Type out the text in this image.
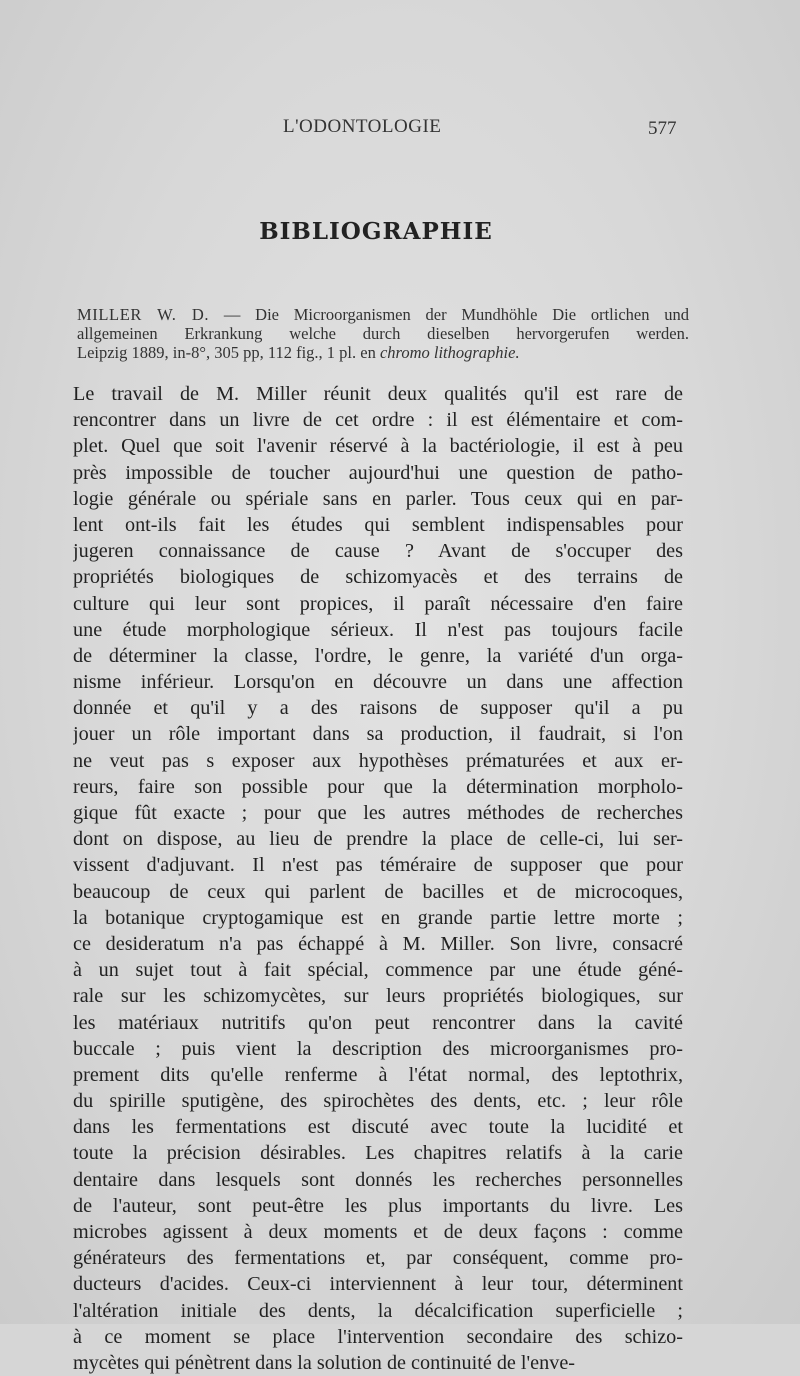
L'ODONTOLOGIE	577
BIBLIOGRAPHIE
MILLER W. D. — Die Microorganismen der Mundhöhle Die ortlichen und
allgemeinen Erkrankung welche durch dieselben hervorgerufen werden.
Leipzig 1889, in-8°, 305 pp, 112 fig., 1 pl. en chromo lithographie.
Le travail de M. Miller réunit deux qualités qu'il est rare de
rencontrer dans un livre de cet ordre : il est élémentaire et com-
plet. Quel que soit l'avenir réservé à la bactériologie, il est à peu
près impossible de toucher aujourd'hui une question de patho-
logie générale ou spériale sans en parler. Tous ceux qui en par-
lent ont-ils fait les études qui semblent indispensables pour
jugeren connaissance de cause ? Avant de s'occuper des
propriétés biologiques de schizomyacès et des terrains de
culture qui leur sont propices, il paraît nécessaire d'en faire
une étude morphologique sérieux. Il n'est pas toujours facile
de déterminer la classe, l'ordre, le genre, la variété d'un orga-
nisme inférieur. Lorsqu'on en découvre un dans une affection
donnée et qu'il y a des raisons de supposer qu'il a pu
jouer un rôle important dans sa production, il faudrait, si l'on
ne veut pas s exposer aux hypothèses prématurées et aux er-
reurs, faire son possible pour que la détermination morpholo-
gique fût exacte ; pour que les autres méthodes de recherches
dont on dispose, au lieu de prendre la place de celle-ci, lui ser-
vissent d'adjuvant. Il n'est pas téméraire de supposer que pour
beaucoup de ceux qui parlent de bacilles et de microcoques,
la botanique cryptogamique est en grande partie lettre morte ;
ce desideratum n'a pas échappé à M. Miller. Son livre, consacré
à un sujet tout à fait spécial, commence par une étude géné-
rale sur les schizomycètes, sur leurs propriétés biologiques, sur
les matériaux nutritifs qu'on peut rencontrer dans la cavité
buccale ; puis vient la description des microorganismes pro-
prement dits qu'elle renferme à l'état normal, des leptothrix,
du spirille sputigène, des spirochètes des dents, etc. ; leur rôle
dans les fermentations est discuté avec toute la lucidité et
toute la précision désirables. Les chapitres relatifs à la carie
dentaire dans lesquels sont donnés les recherches personnelles
de l'auteur, sont peut-être les plus importants du livre. Les
microbes agissent à deux moments et de deux façons : comme
générateurs des fermentations et, par conséquent, comme pro-
ducteurs d'acides. Ceux-ci interviennent à leur tour, déterminent
l'altération initiale des dents, la décalcification superficielle ;
à ce moment se place l'intervention secondaire des schizo-
mycètes qui pénètrent dans la solution de continuité de l'enve-
